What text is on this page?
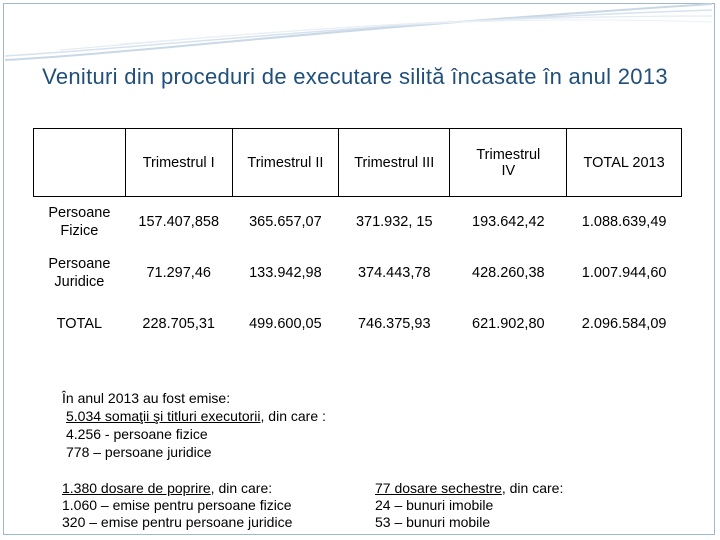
Venituri din proceduri de executare silită încasate în anul 2013
	Trimestrul I	Trimestrul II	Trimestrul III	Trimestrul IV	TOTAL 2013
Persoane Fizice	157.407,858	365.657,07	371.932, 15	193.642,42	1.088.639,49
Persoane Juridice	71.297,46	133.942,98	374.443,78	428.260,38	1.007.944,60
TOTAL	228.705,31	499.600,05	746.375,93	621.902,80	2.096.584,09
În anul 2013 au fost emise:
5.034 somaţii şi titluri executorii, din care :
4.256 - persoane fizice
778 – persoane juridice
1.380 dosare de poprire, din care:
1.060 – emise pentru persoane fizice
320 – emise pentru persoane juridice
77 dosare sechestre, din care:
24 – bunuri imobile
53 – bunuri mobile
